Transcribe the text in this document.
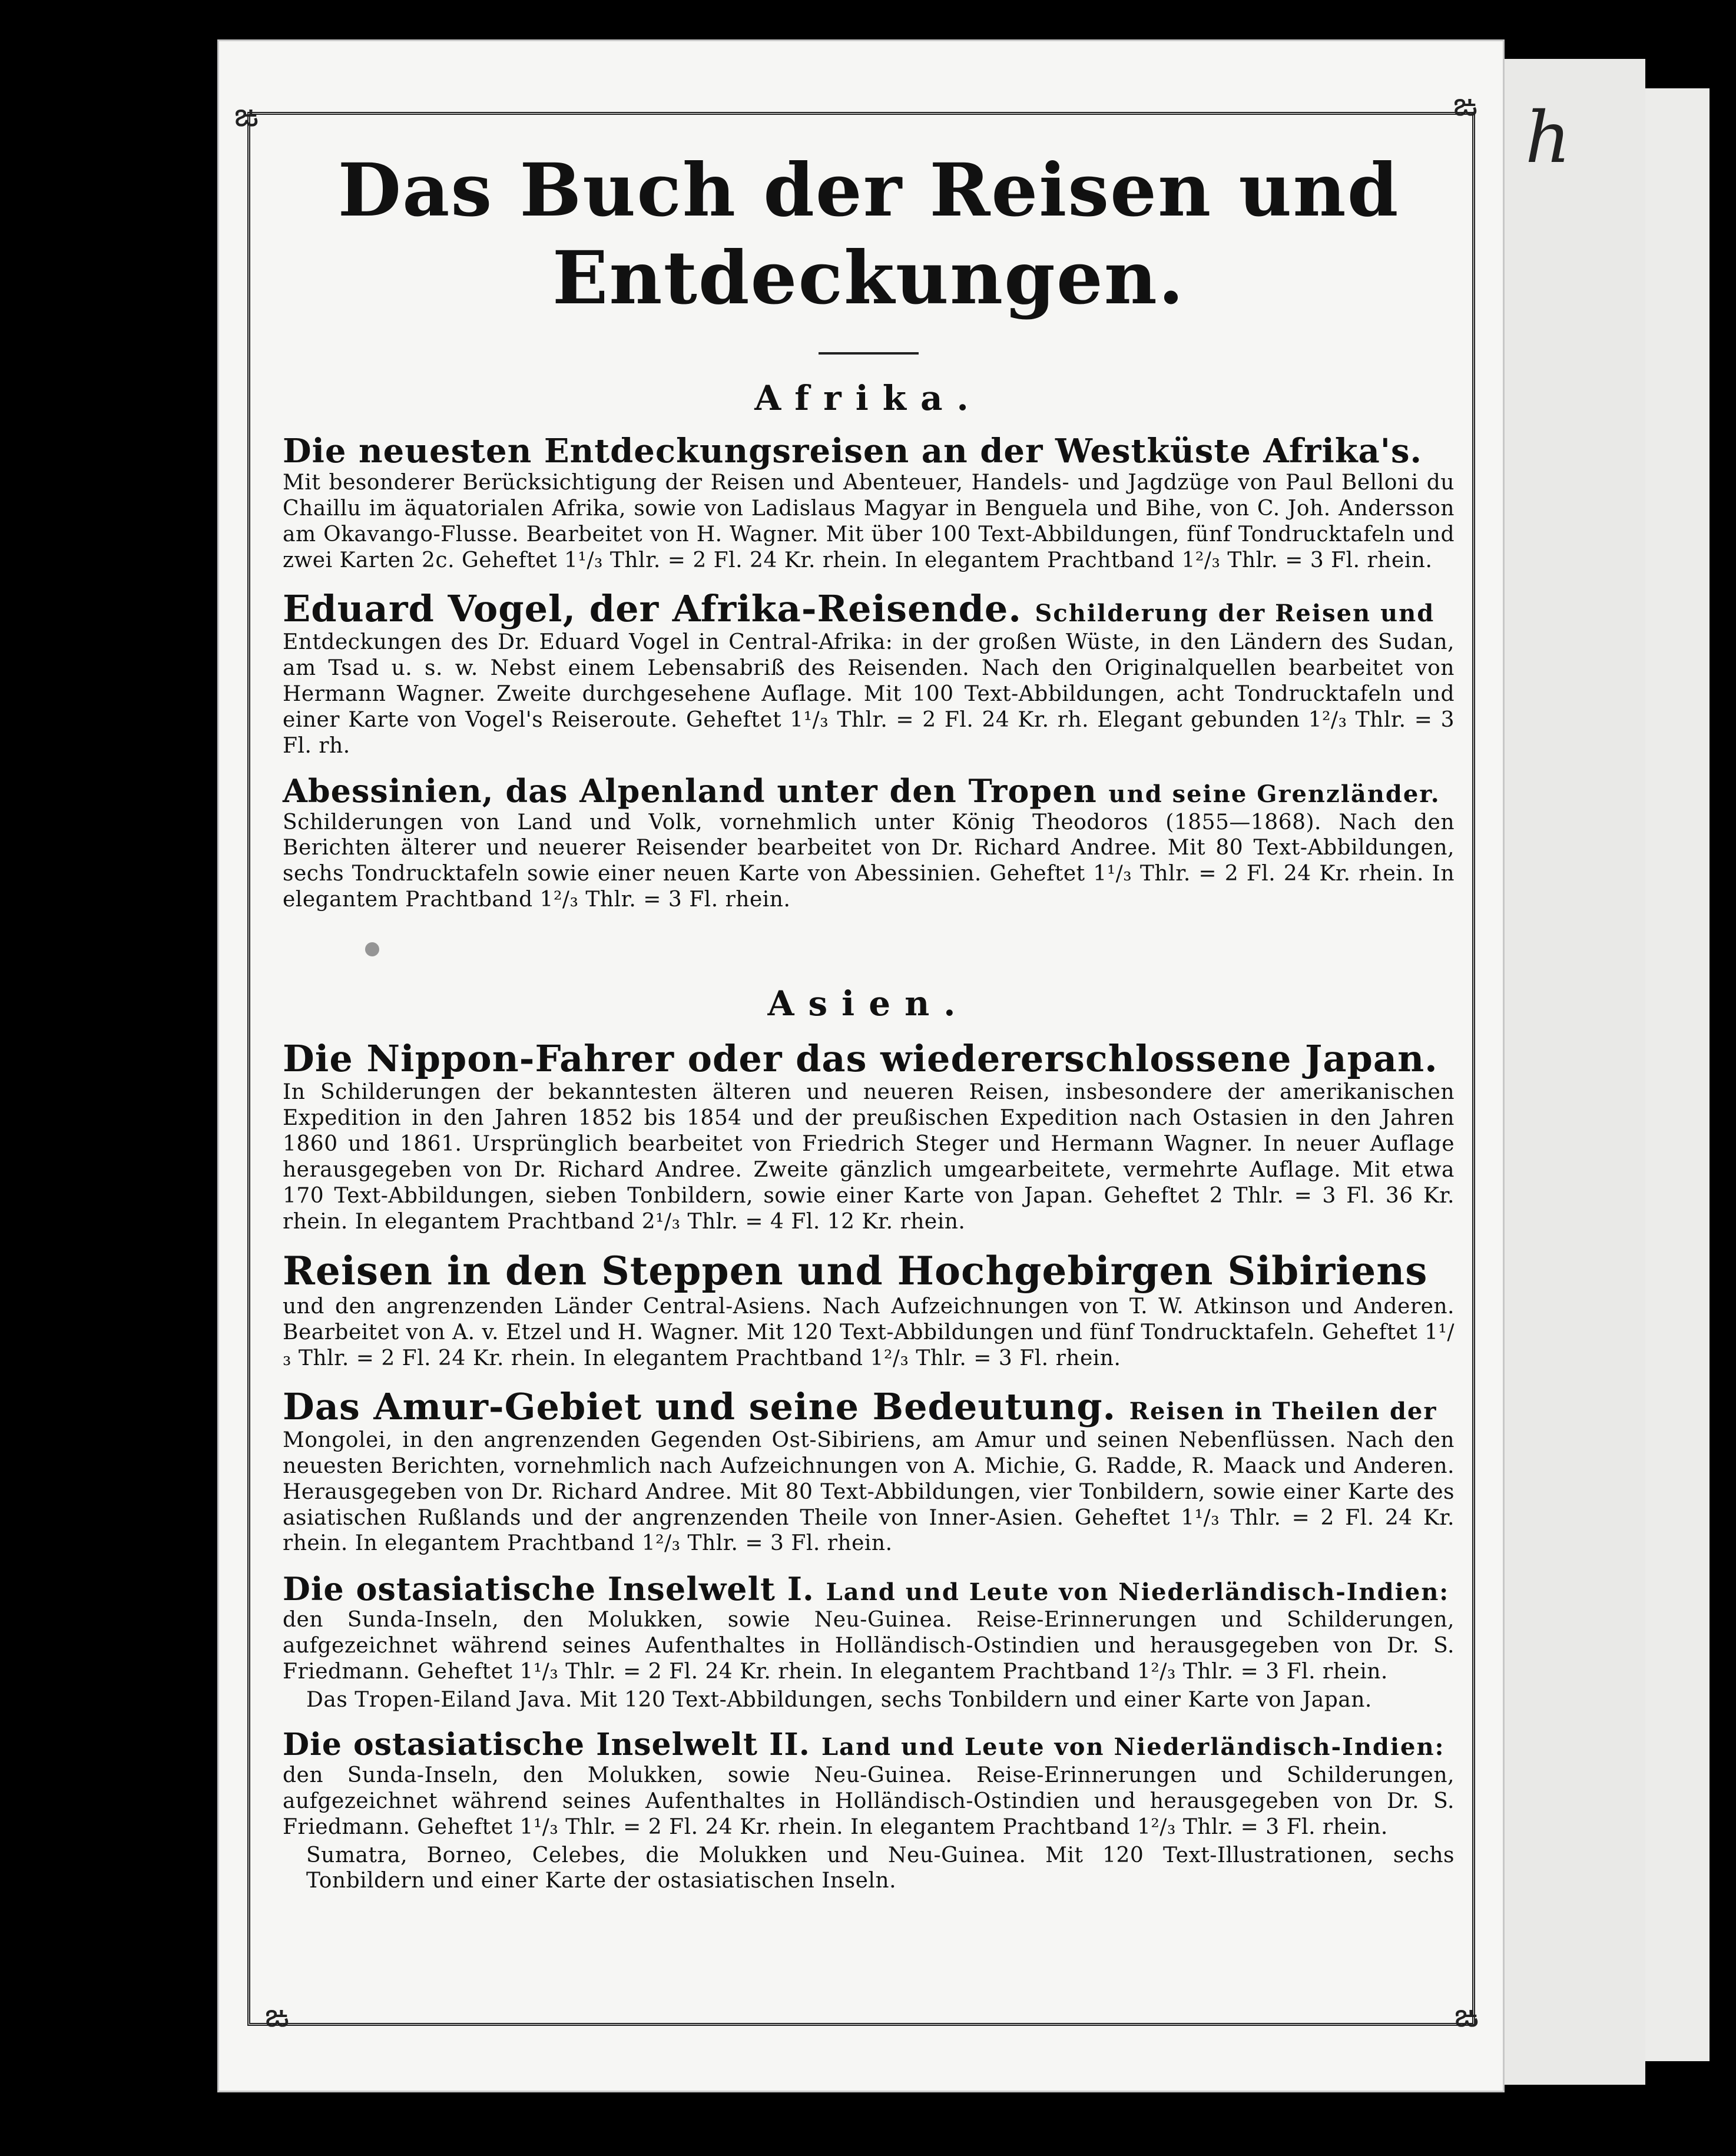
h
ఙ	ఙ
ఙ	ఙ
Das Buch der Reisen und Entdeckungen.
Afrika.
Die neuesten Entdeckungsreisen an der Westküste Afrika's.
Mit besonderer Berücksichtigung der Reisen und Abenteuer, Handels- und Jagdzüge von Paul Belloni du Chaillu im äquatorialen Afrika, sowie von Ladislaus Magyar in Benguela und Bihe, von C. Joh. Andersson am Okavango-Flusse. Bearbeitet von H. Wagner. Mit über 100 Text-Abbildungen, fünf Tondrucktafeln und zwei Karten 2c. Geheftet 1¹/₃ Thlr. = 2 Fl. 24 Kr. rhein. In elegantem Prachtband 1²/₃ Thlr. = 3 Fl. rhein.
Eduard Vogel, der Afrika-Reisende. Schilderung der Reisen und
Entdeckungen des Dr. Eduard Vogel in Central-Afrika: in der großen Wüste, in den Ländern des Sudan, am Tsad u. s. w. Nebst einem Lebensabriß des Reisenden. Nach den Originalquellen bearbeitet von Hermann Wagner. Zweite durchgesehene Auflage. Mit 100 Text-Abbildungen, acht Tondrucktafeln und einer Karte von Vogel's Reiseroute. Geheftet 1¹/₃ Thlr. = 2 Fl. 24 Kr. rh. Elegant gebunden 1²/₃ Thlr. = 3 Fl. rh.
Abessinien, das Alpenland unter den Tropen und seine Grenzländer.
Schilderungen von Land und Volk, vornehmlich unter König Theodoros (1855—1868). Nach den Berichten älterer und neuerer Reisender bearbeitet von Dr. Richard Andree. Mit 80 Text-Abbildungen, sechs Tondrucktafeln sowie einer neuen Karte von Abessinien. Geheftet 1¹/₃ Thlr. = 2 Fl. 24 Kr. rhein. In elegantem Prachtband 1²/₃ Thlr. = 3 Fl. rhein.
Asien.
Die Nippon-Fahrer oder das wiedererschlossene Japan.
In Schilderungen der bekanntesten älteren und neueren Reisen, insbesondere der amerikanischen Expedition in den Jahren 1852 bis 1854 und der preußischen Expedition nach Ostasien in den Jahren 1860 und 1861. Ursprünglich bearbeitet von Friedrich Steger und Hermann Wagner. In neuer Auflage herausgegeben von Dr. Richard Andree. Zweite gänzlich umgearbeitete, vermehrte Auflage. Mit etwa 170 Text-Abbildungen, sieben Tonbildern, sowie einer Karte von Japan. Geheftet 2 Thlr. = 3 Fl. 36 Kr. rhein. In elegantem Prachtband 2¹/₃ Thlr. = 4 Fl. 12 Kr. rhein.
Reisen in den Steppen und Hochgebirgen Sibiriens
und den angrenzenden Länder Central-Asiens. Nach Aufzeichnungen von T. W. Atkinson und Anderen. Bearbeitet von A. v. Etzel und H. Wagner. Mit 120 Text-Abbildungen und fünf Tondrucktafeln. Geheftet 1¹/₃ Thlr. = 2 Fl. 24 Kr. rhein. In elegantem Prachtband 1²/₃ Thlr. = 3 Fl. rhein.
Das Amur-Gebiet und seine Bedeutung. Reisen in Theilen der
Mongolei, in den angrenzenden Gegenden Ost-Sibiriens, am Amur und seinen Nebenflüssen. Nach den neuesten Berichten, vornehmlich nach Aufzeichnungen von A. Michie, G. Radde, R. Maack und Anderen. Herausgegeben von Dr. Richard Andree. Mit 80 Text-Abbildungen, vier Tonbildern, sowie einer Karte des asiatischen Rußlands und der angrenzenden Theile von Inner-Asien. Geheftet 1¹/₃ Thlr. = 2 Fl. 24 Kr. rhein. In elegantem Prachtband 1²/₃ Thlr. = 3 Fl. rhein.
Die ostasiatische Inselwelt I. Land und Leute von Niederländisch-Indien:
den Sunda-Inseln, den Molukken, sowie Neu-Guinea. Reise-Erinnerungen und Schilderungen, aufgezeichnet während seines Aufenthaltes in Holländisch-Ostindien und herausgegeben von Dr. S. Friedmann. Geheftet 1¹/₃ Thlr. = 2 Fl. 24 Kr. rhein. In elegantem Prachtband 1²/₃ Thlr. = 3 Fl. rhein.
Das Tropen-Eiland Java. Mit 120 Text-Abbildungen, sechs Tonbildern und einer Karte von Japan.
Die ostasiatische Inselwelt II. Land und Leute von Niederländisch-Indien:
den Sunda-Inseln, den Molukken, sowie Neu-Guinea. Reise-Erinnerungen und Schilderungen, aufgezeichnet während seines Aufenthaltes in Holländisch-Ostindien und herausgegeben von Dr. S. Friedmann. Geheftet 1¹/₃ Thlr. = 2 Fl. 24 Kr. rhein. In elegantem Prachtband 1²/₃ Thlr. = 3 Fl. rhein.
Sumatra, Borneo, Celebes, die Molukken und Neu-Guinea. Mit 120 Text-Illustrationen, sechs Tonbildern und einer Karte der ostasiatischen Inseln.
